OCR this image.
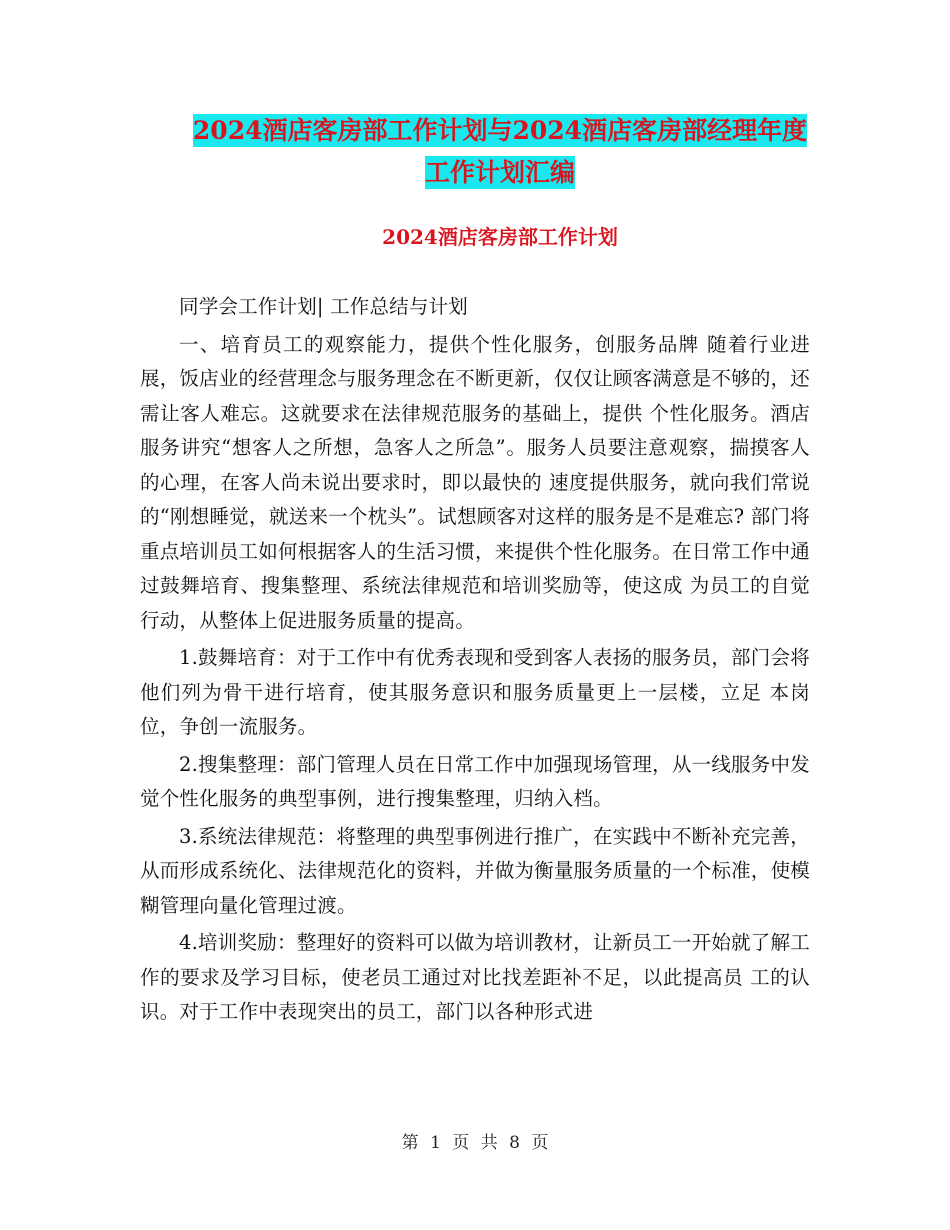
2024酒店客房部工作计划与2024酒店客房部经理年度
工作计划汇编
2024酒店客房部工作计划

同学会工作计划| 工作总结与计划

一、培育员工的观察能力，提供个性化服务，创服务品牌 随着行业进展，饭店业的经营理念与服务理念在不断更新，仅仅让顾客满意是不够的，还需让客人难忘。这就要求在法律规范服务的基础上，提供 个性化服务。酒店服务讲究“想客人之所想，急客人之所急”。服务人员要注意观察，揣摸客人的心理，在客人尚未说出要求时，即以最快的 速度提供服务，就向我们常说的“刚想睡觉，就送来一个枕头”。试想顾客对这样的服务是不是难忘? 部门将重点培训员工如何根据客人的生活习惯，来提供个性化服务。在日常工作中通过鼓舞培育、搜集整理、系统法律规范和培训奖励等，使这成 为员工的自觉行动，从整体上促进服务质量的提高。

1.鼓舞培育：对于工作中有优秀表现和受到客人表扬的服务员，部门会将他们列为骨干进行培育，使其服务意识和服务质量更上一层楼，立足 本岗位，争创一流服务。

2.搜集整理：部门管理人员在日常工作中加强现场管理，从一线服务中发觉个性化服务的典型事例，进行搜集整理，归纳入档。

3.系统法律规范：将整理的典型事例进行推广，在实践中不断补充完善，从而形成系统化、法律规范化的资料，并做为衡量服务质量的一个标准，使模 糊管理向量化管理过渡。

4.培训奖励：整理好的资料可以做为培训教材，让新员工一开始就了解工作的要求及学习目标，使老员工通过对比找差距补不足，以此提高员 工的认识。对于工作中表现突出的员工，部门以各种形式进

第 1 页 共 8 页
